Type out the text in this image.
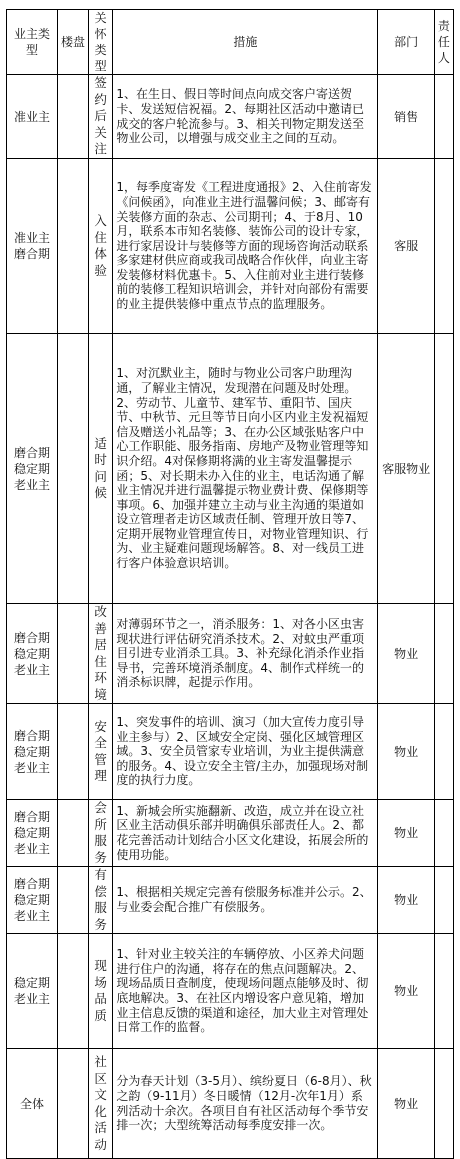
业主类型	楼盘	关怀类型	措施	部门	责任人
准业主		签约后关注	1、在生日、假日等时间点向成交客户寄送贺卡、发送短信祝福。2、每期社区活动中邀请已成交的客户轮流参与。3、相关刊物定期发送至物业公司，以增强与成交业主之间的互动。	销售	
准业主磨合期		入住体验	1，每季度寄发《工程进度通报》2、入住前寄发《问候函》，向准业主进行温馨问候；3、邮寄有关装修方面的杂志、公司期刊；4、于8月、10月，联系本市知名装修、装饰公司的设计专家，进行家居设计与装修等方面的现场咨询活动联系多家建材供应商或我司战略合作伙伴，向业主寄发装修材料优惠卡。5、入住前对业主进行装修前的装修工程知识培训会，并针对向部份有需要的业主提供装修中重点节点的监理服务。	客服	
磨合期稳定期老业主		适时问候	1、对沉默业主，随时与物业公司客户助理沟通，了解业主情况，发现潜在问题及时处理。2、劳动节、儿童节、建军节、重阳节、国庆节、中秋节、元旦等节日向小区内业主发祝福短信及赠送小礼品等；3、在办公区域张贴客户中心工作职能、服务指南、房地产及物业管理等知识介绍。4对保修期将满的业主寄发温馨提示函；5、对长期未办入住的业主，电话沟通了解业主情况并进行温馨提示物业费计费、保修期等事项。6、加强并建立主动与业主沟通的渠道如设立管理者走访区域责任制、管理开放日等7、定期开展物业管理宣传日，对物业管理知识、行为、业主疑难问题现场解答。8、对一线员工进行客户体验意识培训。	客服物业	
磨合期稳定期老业主		改善居住环境	对薄弱环节之一，消杀服务：1、对各小区虫害现状进行评估研究消杀技术。2、对蚊虫严重项目引进专业消杀工具。3、补充绿化消杀作业指导书，完善环境消杀制度。4、制作式样统一的消杀标识牌，起提示作用。	物业	
磨合期稳定期老业主		安全管理	1、突发事件的培训、演习（加大宣传力度引导业主参与）2、区域安全定岗、强化区域管理区域。3、安全员管家专业培训，为业主提供满意的服务。4、设立安全主管/主办，加强现场对制度的执行力度。	物业	
磨合期稳定期老业主		会所服务	1、新城会所实施翻新、改造，成立并在设立社区业主活动俱乐部并明确俱乐部责任人。2、都花完善活动计划结合小区文化建设，拓展会所的使用功能。	物业	
磨合期稳定期老业主		有偿服务	1、根据相关规定完善有偿服务标准并公示。2、与业委会配合推广有偿服务。	物业	
稳定期老业主		现场品质	1、针对业主较关注的车辆停放、小区养犬问题进行住户的沟通，将存在的焦点问题解决。2、现场品质日查制度，使现场问题点能够及时、彻底地解决。3、在社区内增设客户意见箱，增加业主信息反馈的渠道和途径，加大业主对管理处日常工作的监督。	物业	
全体		社区文化活动	分为春天计划（3-5月）、缤纷夏日（6-8月）、秋之韵（9-11月）冬日暖情（12月-次年1月）系列活动十余次。各项目自有社区活动每个季节安排一次；大型统筹活动每季度安排一次。	物业	
